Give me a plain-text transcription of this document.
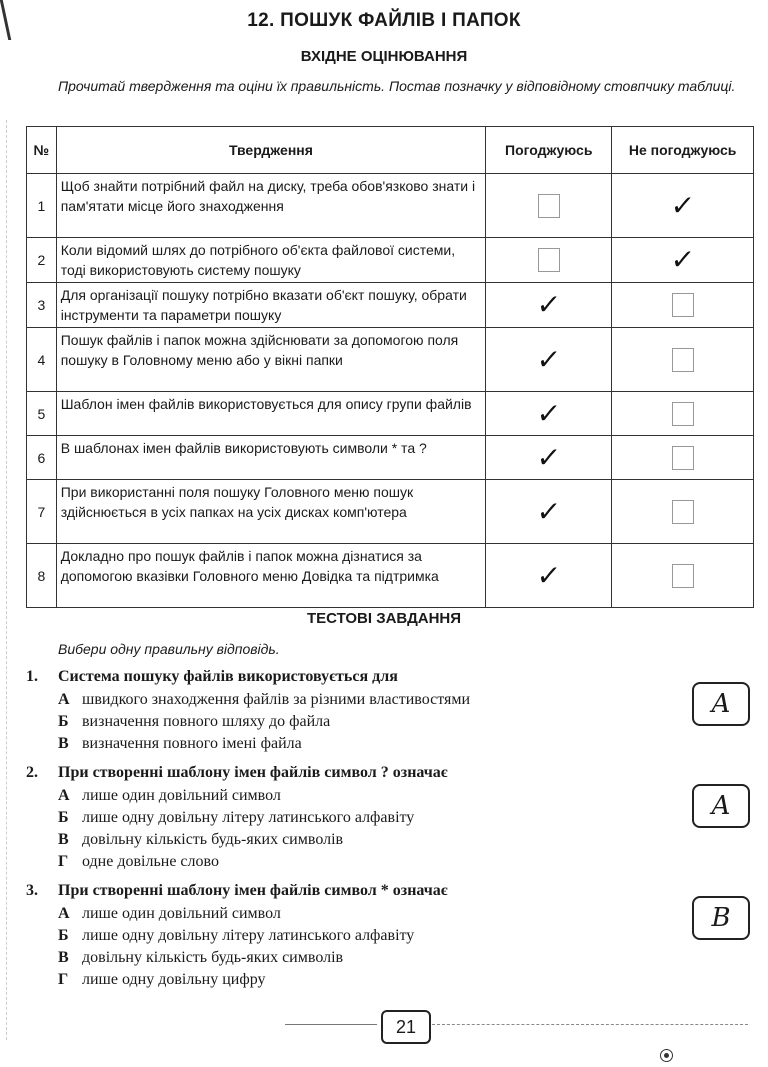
12. ПОШУК ФАЙЛІВ І ПАПОК
ВХІДНЕ ОЦІНЮВАННЯ
Прочитай твердження та оціни їх правильність. Постав позначку у відповідному стовпчику таблиці.
№	Твердження	Погоджуюсь	Не погоджуюсь
1	Щоб знайти потрібний файл на диску, треба обов'язково знати і пам'ятати місце його знаходження		✓
2	Коли відомий шлях до потрібного об'єкта файлової системи, тоді використовують систему пошуку		✓
3	Для організації пошуку потрібно вказати об'єкт пошуку, обрати інструменти та параметри пошуку	✓	
4	Пошук файлів і папок можна здійснювати за допомогою поля пошуку в Головному меню або у вікні папки	✓	
5	Шаблон імен файлів використовується для опису групи файлів	✓	
6	В шаблонах імен файлів використовують символи * та ?	✓	
7	При використанні поля пошуку Головного меню пошук здійснюється в усіх папках на усіх дисках комп'ютера	✓	
8	Докладно про пошук файлів і папок можна дізнатися за допомогою вказівки Головного меню Довідка та підтримка	✓	
ТЕСТОВІ ЗАВДАННЯ
Вибери одну правильну відповідь.
1. Система пошуку файлів використовується для
А швидкого знаходження файлів за різними властивостями
Б визначення повного шляху до файла
В визначення повного імені файла
А
2. При створенні шаблону імен файлів символ ? означає
А лише один довільний символ
Б лише одну довільну літеру латинського алфавіту
В довільну кількість будь-яких символів
Г одне довільне слово
А
3. При створенні шаблону імен файлів символ * означає
А лише один довільний символ
Б лише одну довільну літеру латинського алфавіту
В довільну кількість будь-яких символів
Г лише одну довільну цифру
В
21
